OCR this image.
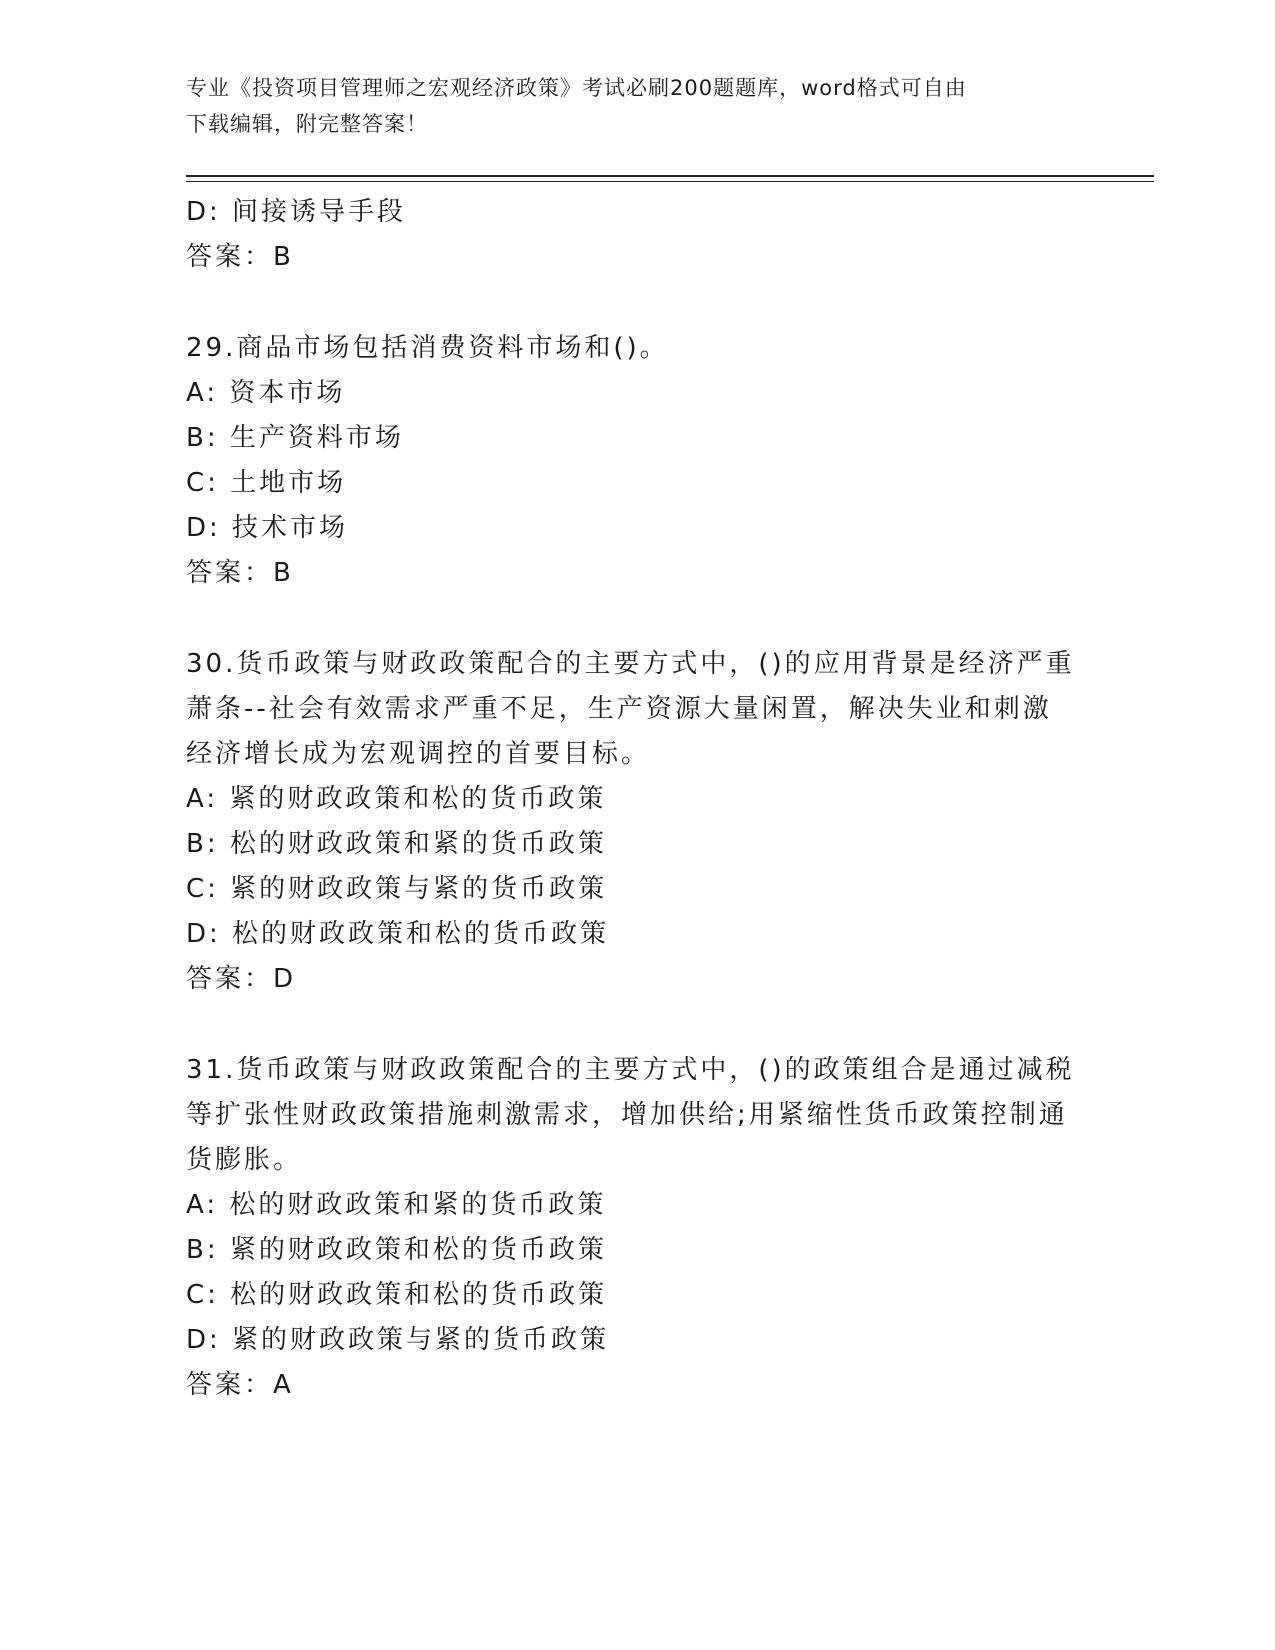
专业《投资项目管理师之宏观经济政策》考试必刷200题题库，word格式可自由
下载编辑，附完整答案！
D: 间接诱导手段
答案：B
29.商品市场包括消费资料市场和()。
A: 资本市场
B: 生产资料市场
C: 土地市场
D: 技术市场
答案：B
30.货币政策与财政政策配合的主要方式中，()的应用背景是经济严重
萧条--社会有效需求严重不足，生产资源大量闲置，解决失业和刺激
经济增长成为宏观调控的首要目标。
A: 紧的财政政策和松的货币政策
B: 松的财政政策和紧的货币政策
C: 紧的财政政策与紧的货币政策
D: 松的财政政策和松的货币政策
答案：D
31.货币政策与财政政策配合的主要方式中，()的政策组合是通过减税
等扩张性财政政策措施刺激需求，增加供给;用紧缩性货币政策控制通
货膨胀。
A: 松的财政政策和紧的货币政策
B: 紧的财政政策和松的货币政策
C: 松的财政政策和松的货币政策
D: 紧的财政政策与紧的货币政策
答案：A
